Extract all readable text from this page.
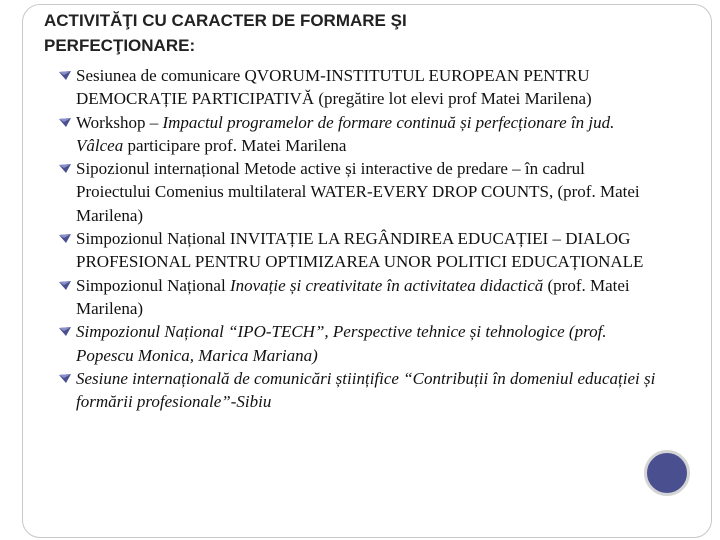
ACTIVITĂŢI CU CARACTER DE FORMARE ŞI
PERFECŢIONARE:
Sesiunea de comunicare QVORUM-INSTITUTUL EUROPEAN PENTRU DEMOCRAȚIE PARTICIPATIVĂ (pregătire lot elevi prof Matei Marilena)
Workshop – Impactul programelor de formare continuă și perfecționare în jud. Vâlcea participare prof. Matei Marilena
Sipozionul internațional Metode active și interactive de predare – în cadrul Proiectului Comenius multilateral WATER-EVERY DROP COUNTS, (prof. Matei Marilena)
Simpozionul Național INVITAȚIE LA REGÂNDIREA EDUCAȚIEI – DIALOG PROFESIONAL PENTRU OPTIMIZAREA UNOR POLITICI EDUCAȚIONALE
Simpozionul Național Inovație și creativitate în activitatea didactică (prof. Matei Marilena)
Simpozionul Național “IPO-TECH”, Perspective tehnice și tehnologice (prof. Popescu Monica, Marica Mariana)
Sesiune internațională de comunicări științifice “Contribuții în domeniul educației și formării profesionale”-Sibiu
